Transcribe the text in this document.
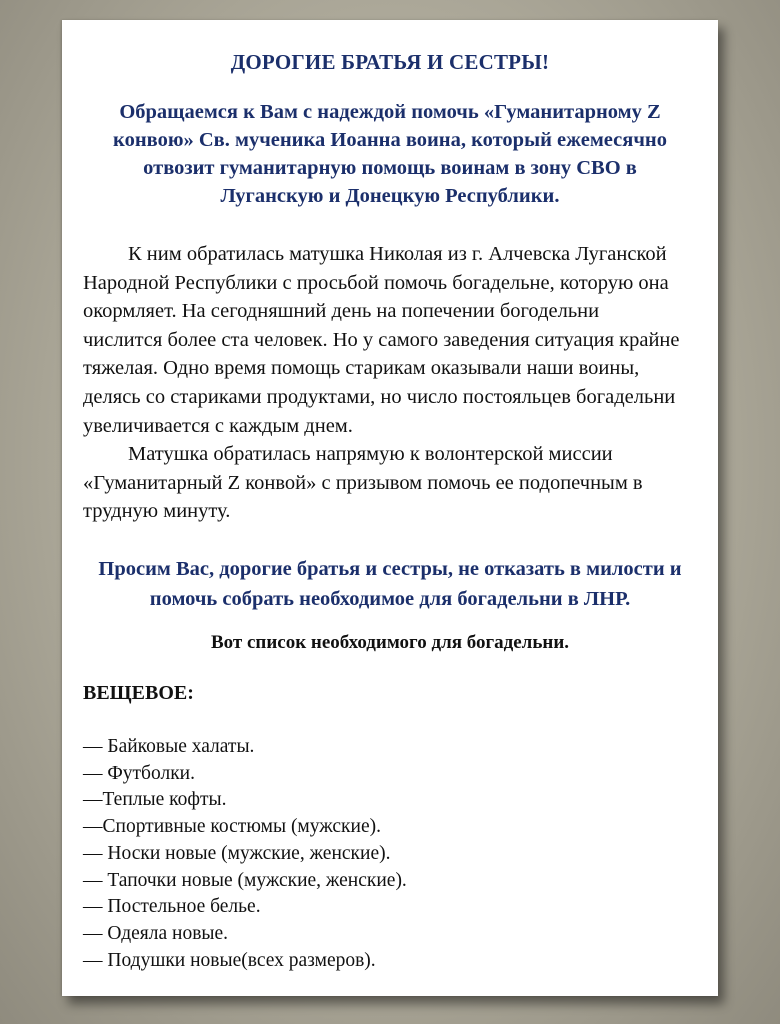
ДОРОГИЕ БРАТЬЯ И СЕСТРЫ!
Обращаемся к Вам с надеждой помочь «Гуманитарному Z
конвою» Св. мученика Иоанна воина, который ежемесячно
отвозит гуманитарную помощь воинам в зону СВО в
Луганскую и Донецкую Республики.
К ним обратилась матушка Николая из г. Алчевска Луганской
Народной Республики с просьбой помочь богадельне, которую она
окормляет. На сегодняшний день на попечении богодельни
числится более ста человек. Но у самого заведения ситуация крайне
тяжелая. Одно время помощь старикам оказывали наши воины,
делясь со стариками продуктами, но число постояльцев богадельни
увеличивается с каждым днем.
Матушка обратилась напрямую к волонтерской миссии
«Гуманитарный Z конвой» с призывом помочь ее подопечным в
трудную минуту.
Просим Вас, дорогие братья и сестры, не отказать в милости и
помочь собрать необходимое для богадельни в ЛНР.
Вот список необходимого для богадельни.
ВЕЩЕВОЕ:
— Байковые халаты.
— Футболки.
—Теплые кофты.
—Спортивные костюмы (мужские).
— Носки новые (мужские, женские).
— Тапочки новые (мужские, женские).
— Постельное белье.
— Одеяла новые.
— Подушки новые(всех размеров).
